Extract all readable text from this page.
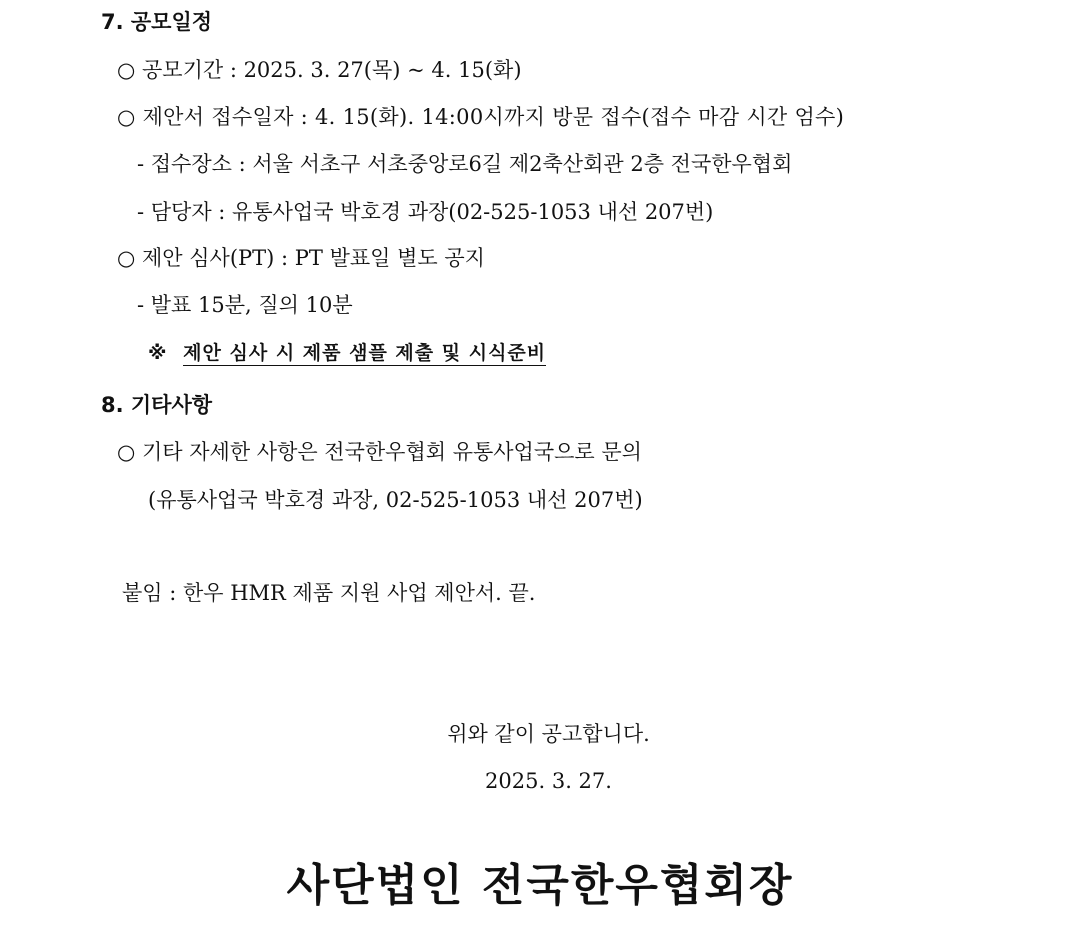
7. 공모일정
○ 공모기간 : 2025. 3. 27(목) ~ 4. 15(화)
○ 제안서 접수일자 : 4. 15(화). 14:00시까지 방문 접수(접수 마감 시간 엄수)
- 접수장소 : 서울 서초구 서초중앙로6길 제2축산회관 2층 전국한우협회
- 담당자 : 유통사업국 박호경 과장(02-525-1053 내선 207번)
○ 제안 심사(PT) : PT 발표일 별도 공지
- 발표 15분, 질의 10분
※ 제안 심사 시 제품 샘플 제출 및 시식준비
8. 기타사항
○ 기타 자세한 사항은 전국한우협회 유통사업국으로 문의
(유통사업국 박호경 과장, 02-525-1053 내선 207번)
붙임 : 한우 HMR 제품 지원 사업 제안서. 끝.
위와 같이 공고합니다.
2025. 3. 27.
사단법인 전국한우협회장
